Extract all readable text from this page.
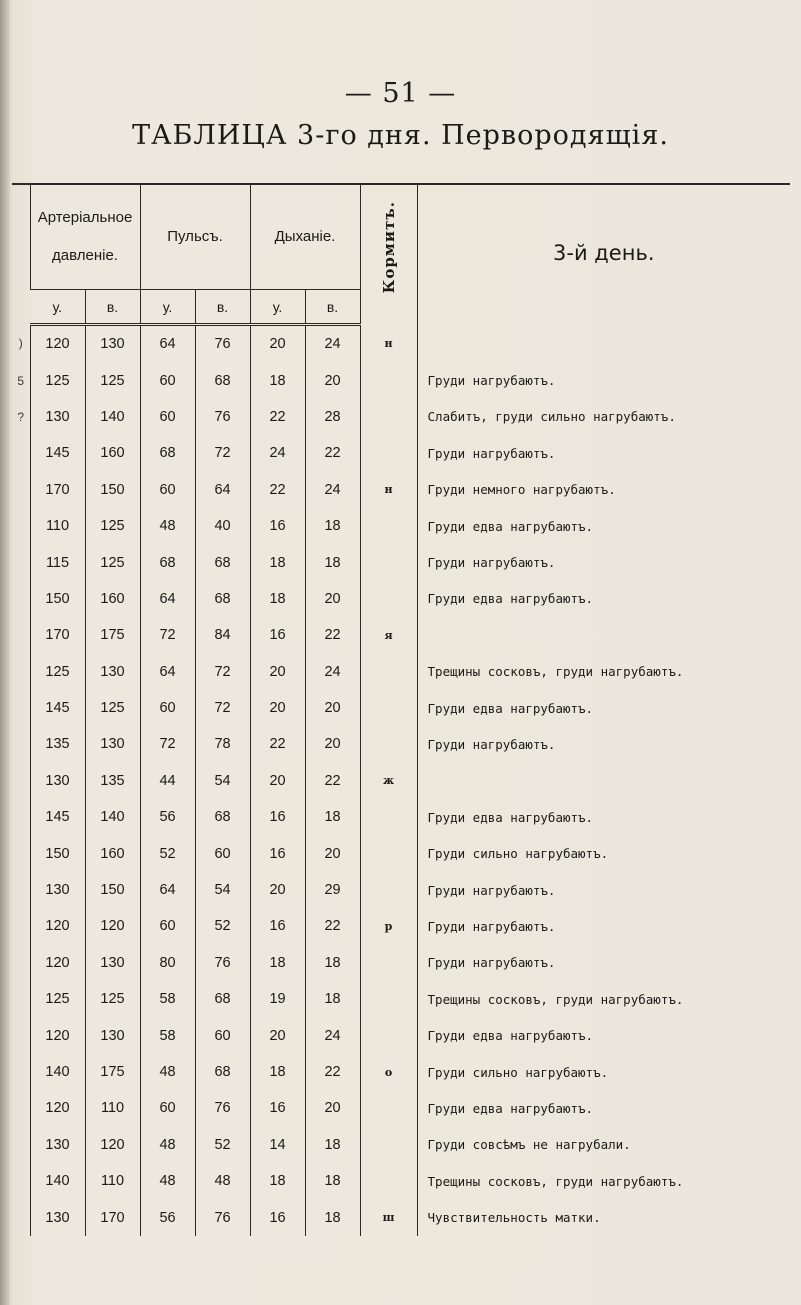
— 51 —
ТАБЛИЦА 3-го дня. Первородящія.
	Артеріальное давленіе.		Пульсъ.		Дыханіе.		Кормитъ.	3-й день.
	у.	в.	у.	в.	у.	в.		
)	120	130	64	76	20	24	н	
5	125	125	60	68	18	20		Груди нагрубаютъ.
?	130	140	60	76	22	28		Слабитъ, груди сильно нагрубаютъ.
	145	160	68	72	24	22		Груди нагрубаютъ.
	170	150	60	64	22	24	н	Груди немного нагрубаютъ.
	110	125	48	40	16	18		Груди едва нагрубаютъ.
	115	125	68	68	18	18		Груди нагрубаютъ.
	150	160	64	68	18	20		Груди едва нагрубаютъ.
	170	175	72	84	16	22	я	
	125	130	64	72	20	24		Трещины сосковъ, груди нагрубаютъ.
	145	125	60	72	20	20		Груди едва нагрубаютъ.
	135	130	72	78	22	20		Груди нагрубаютъ.
	130	135	44	54	20	22	ж	
	145	140	56	68	16	18		Груди едва нагрубаютъ.
	150	160	52	60	16	20		Груди сильно нагрубаютъ.
	130	150	64	54	20	29		Груди нагрубаютъ.
	120	120	60	52	16	22	р	Груди нагрубаютъ.
	120	130	80	76	18	18		Груди нагрубаютъ.
	125	125	58	68	19	18		Трещины сосковъ, груди нагрубаютъ.
	120	130	58	60	20	24		Груди едва нагрубаютъ.
	140	175	48	68	18	22	о	Груди сильно нагрубаютъ.
	120	110	60	76	16	20		Груди едва нагрубаютъ.
	130	120	48	52	14	18		Груди совсѣмъ не нагрубали.
	140	110	48	48	18	18		Трещины сосковъ, груди нагрубаютъ.
	130	170	56	76	16	18	ш	Чувствительность матки.
